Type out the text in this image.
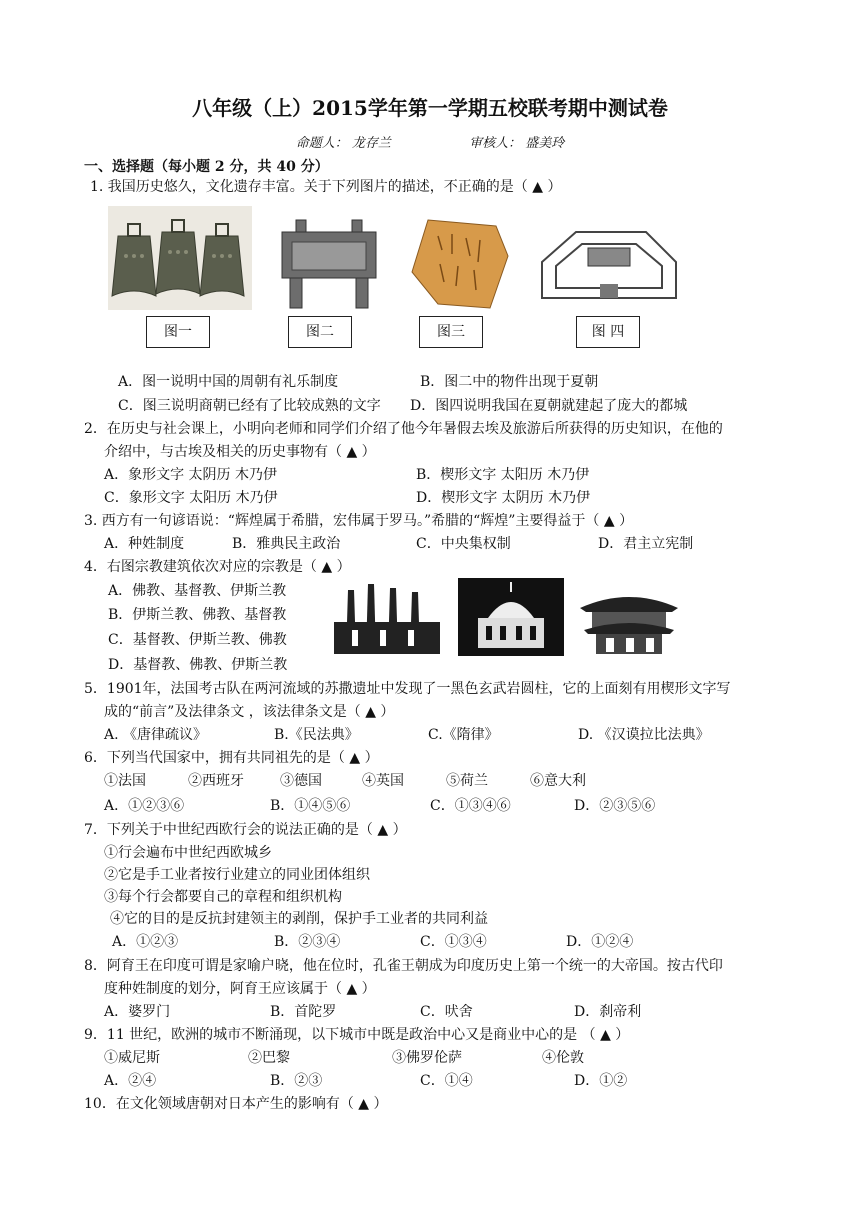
八年级（上）2015学年第一学期五校联考期中测试卷
命题人： 龙存兰	审核人： 盛美玲
一、选择题（每小题 2 分，共 40 分）
1. 我国历史悠久，文化遗存丰富。关于下列图片的描述，不正确的是（ ▲ ）
图一	图二	图三	图 四
A．图一说明中国的周朝有礼乐制度	B．图二中的物件出现于夏朝
C．图三说明商朝已经有了比较成熟的文字 D．图四说明我国在夏朝就建起了庞大的都城
2．在历史与社会课上，小明向老师和同学们介绍了他今年暑假去埃及旅游后所获得的历史知识，在他的
介绍中，与古埃及相关的历史事物有（ ▲ ）
A．象形文字 太阴历 木乃伊	B．楔形文字 太阳历 木乃伊
C．象形文字 太阳历 木乃伊	D．楔形文字 太阴历 木乃伊
3. 西方有一句谚语说：“辉煌属于希腊，宏伟属于罗马。”希腊的“辉煌”主要得益于（ ▲ ）
A．种姓制度	B．雅典民主政治	C．中央集权制	D．君主立宪制
4．右图宗教建筑依次对应的宗教是（ ▲ ）
A．佛教、基督教、伊斯兰教
B．伊斯兰教、佛教、基督教
C．基督教、伊斯兰教、佛教
D．基督教、佛教、伊斯兰教
5．1901年，法国考古队在两河流域的苏撒遗址中发现了一黑色玄武岩圆柱，它的上面刻有用楔形文字写
成的“前言”及法律条文 ，该法律条文是（ ▲ ）
A. 《唐律疏议》	B.《民法典》	C.《隋律》	D. 《汉谟拉比法典》
6．下列当代国家中，拥有共同祖先的是（ ▲ ）
①法国	②西班牙	③德国	④英国	⑤荷兰	⑥意大利
A．①②③⑥	B．①④⑤⑥	C．①③④⑥	D．②③⑤⑥
7．下列关于中世纪西欧行会的说法正确的是（ ▲ ）
①行会遍布中世纪西欧城乡
②它是手工业者按行业建立的同业团体组织
③每个行会都要自己的章程和组织机构
④它的目的是反抗封建领主的剥削，保护手工业者的共同利益
A．①②③	B．②③④	C．①③④	D．①②④
8．阿育王在印度可谓是家喻户晓，他在位时，孔雀王朝成为印度历史上第一个统一的大帝国。按古代印
度种姓制度的划分，阿育王应该属于（ ▲ ）
A．婆罗门	B．首陀罗	C．吠舍	D．刹帝利
9．11 世纪，欧洲的城市不断涌现，以下城市中既是政治中心又是商业中心的是 （ ▲ ）
①威尼斯	②巴黎	③佛罗伦萨	④伦敦
A．②④	B．②③	C．①④	D．①②
10．在文化领域唐朝对日本产生的影响有（ ▲ ）
